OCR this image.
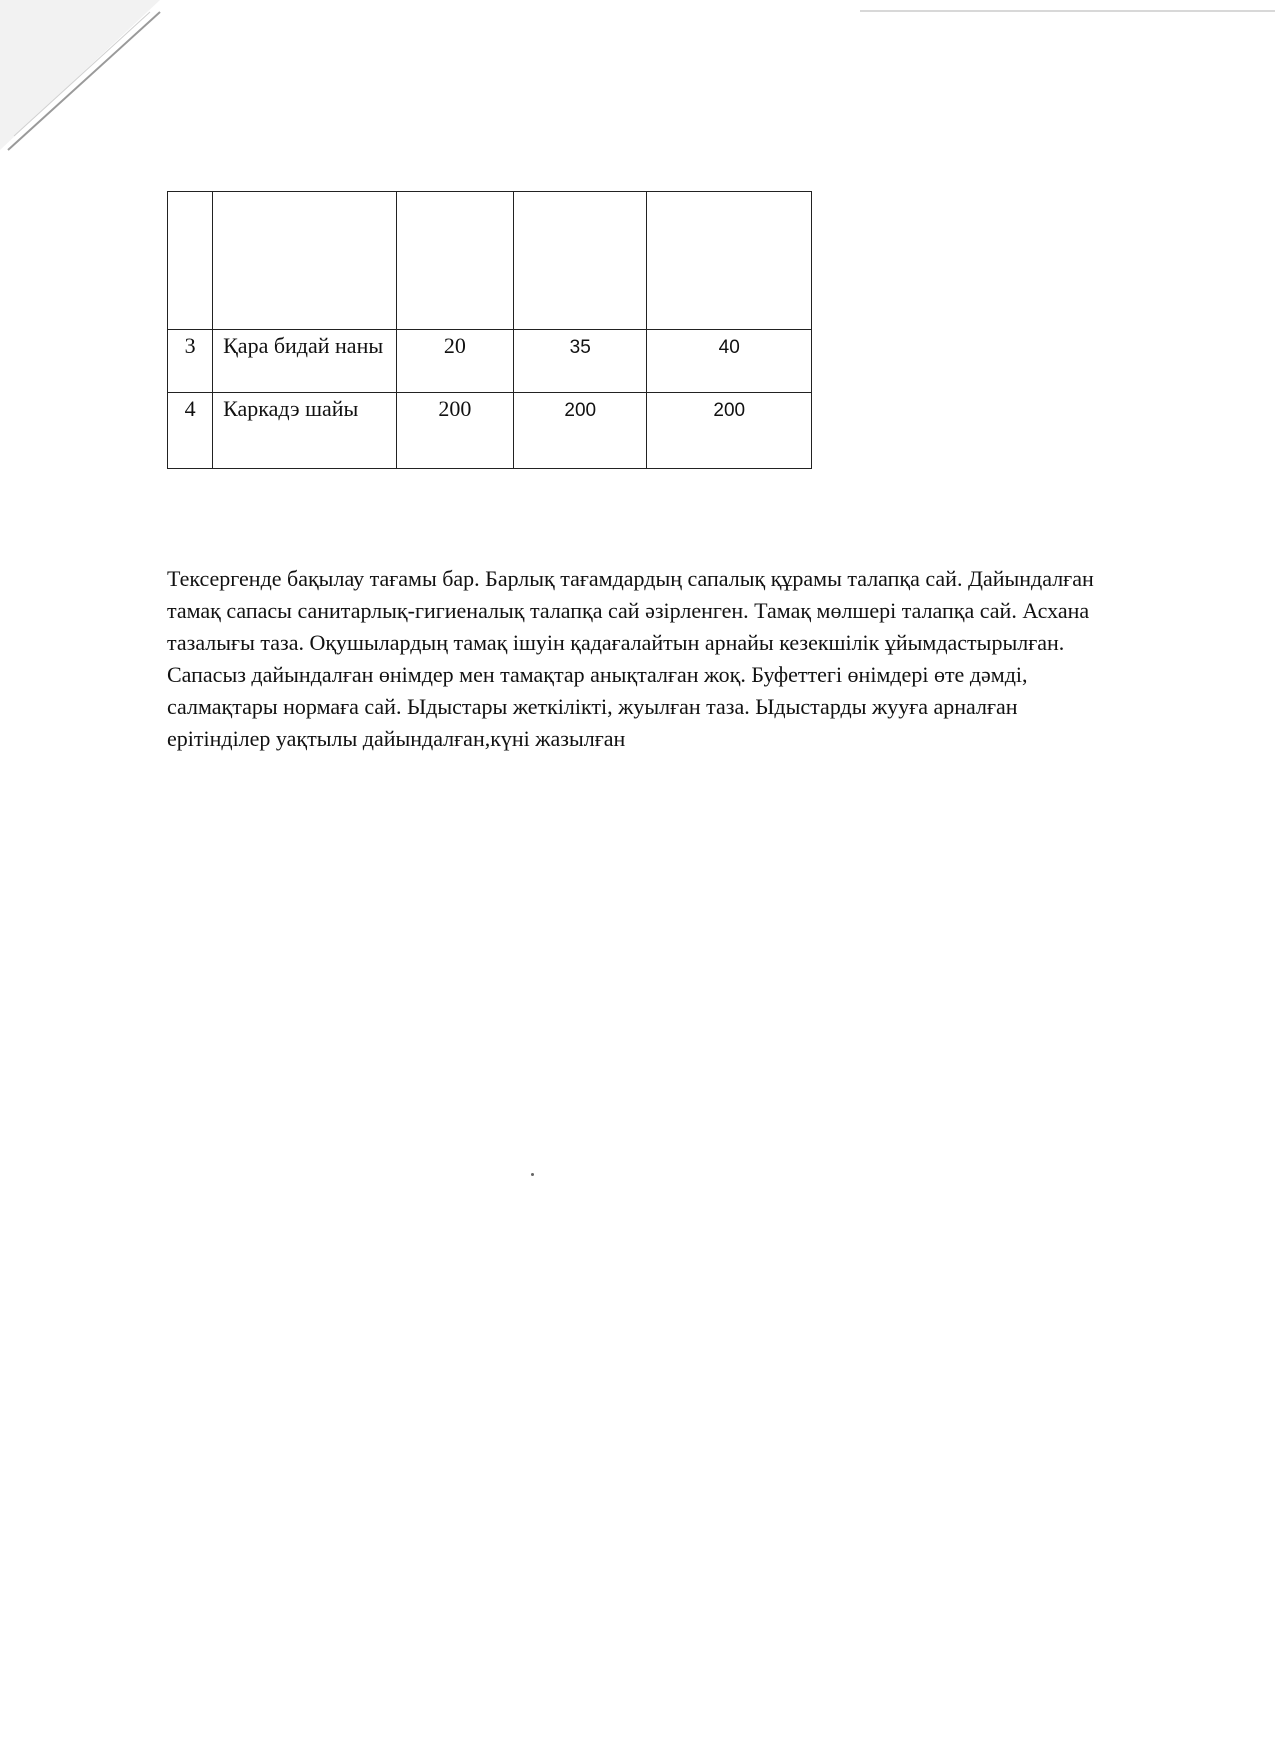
3	Қара бидай наны	20	35	40
4	Каркадэ шайы	200	200	200

Тексергенде бақылау тағамы бар. Барлық тағамдардың сапалық құрамы талапқа сай. Дайындалған тамақ сапасы санитарлық-гигиеналық талапқа сай әзірленген. Тамақ мөлшері талапқа сай. Асхана тазалығы таза. Оқушылардың тамақ ішуін қадағалайтын арнайы кезекшілік ұйымдастырылған. Сапасыз дайындалған өнімдер мен тамақтар анықталған жоқ. Буфеттегі өнімдері өте дәмді, салмақтары нормаға сай. Ыдыстары жеткілікті, жуылған таза. Ыдыстарды жууға арналған ерітінділер уақтылы дайындалған,күні жазылған
